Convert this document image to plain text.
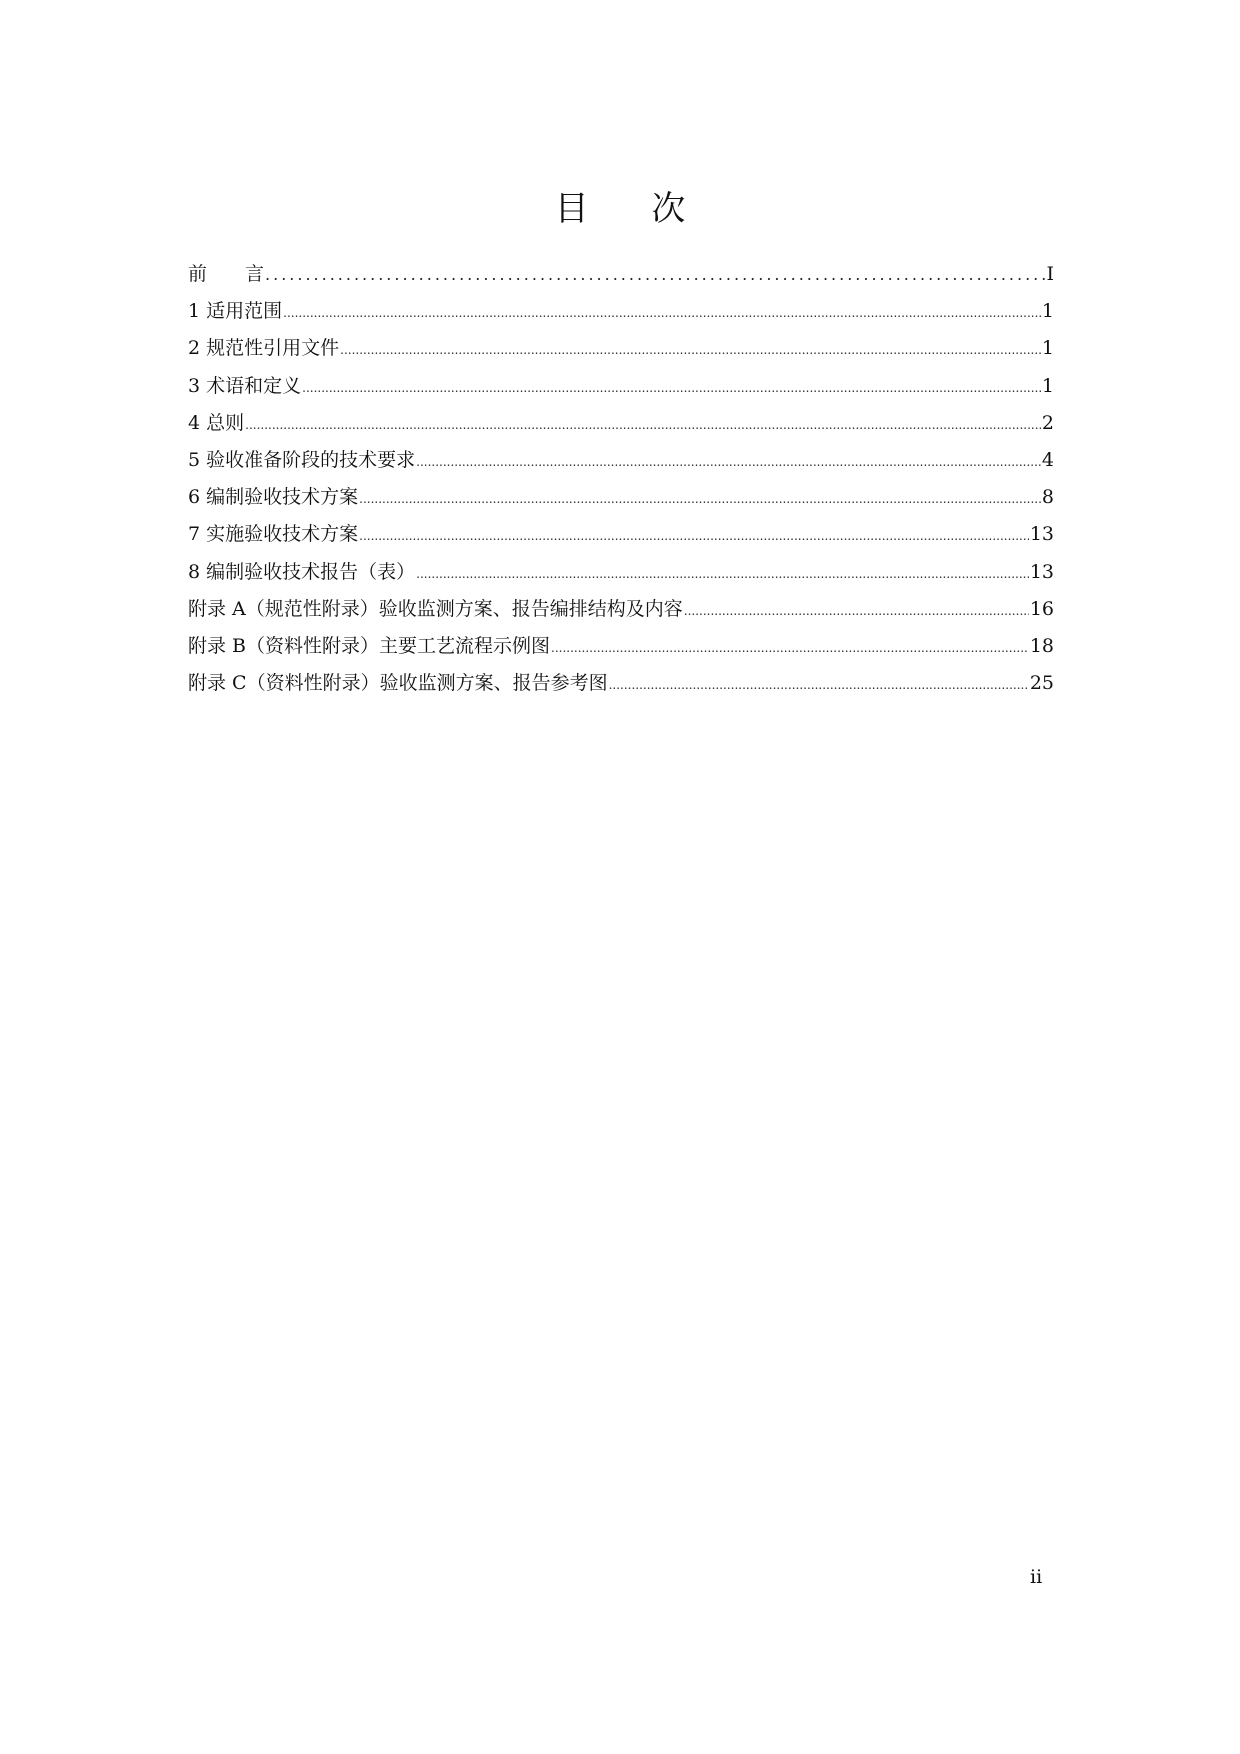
目 次
前　　言 .....	I
1 适用范围 .....	1
2 规范性引用文件 .....	1
3 术语和定义 .....	1
4 总则 .....	2
5 验收准备阶段的技术要求 .....	4
6 编制验收技术方案 .....	8
7 实施验收技术方案 .....	13
8 编制验收技术报告（表） .....	13
附录 A（规范性附录）验收监测方案、报告编排结构及内容 .....	16
附录 B（资料性附录）主要工艺流程示例图 .....	18
附录 C（资料性附录）验收监测方案、报告参考图 .....	25
ii
